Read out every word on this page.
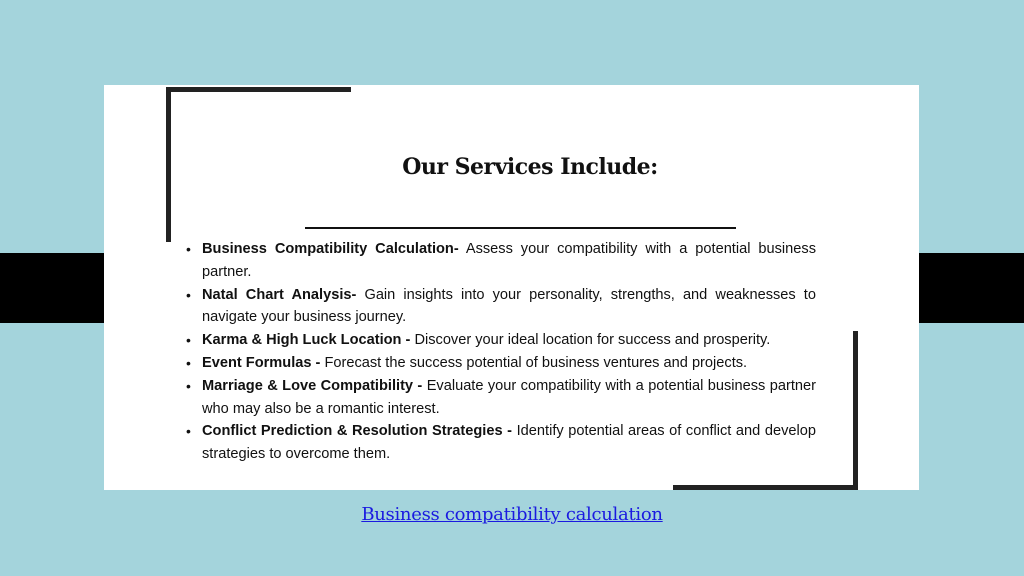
Our Services Include:
• Business Compatibility Calculation- Assess your compatibility with a potential business partner.
• Natal Chart Analysis- Gain insights into your personality, strengths, and weaknesses to navigate your business journey.
• Karma & High Luck Location - Discover your ideal location for success and prosperity.
• Event Formulas - Forecast the success potential of business ventures and projects.
• Marriage & Love Compatibility - Evaluate your compatibility with a potential business partner who may also be a romantic interest.
• Conflict Prediction & Resolution Strategies - Identify potential areas of conflict and develop strategies to overcome them.
Business compatibility calculation
